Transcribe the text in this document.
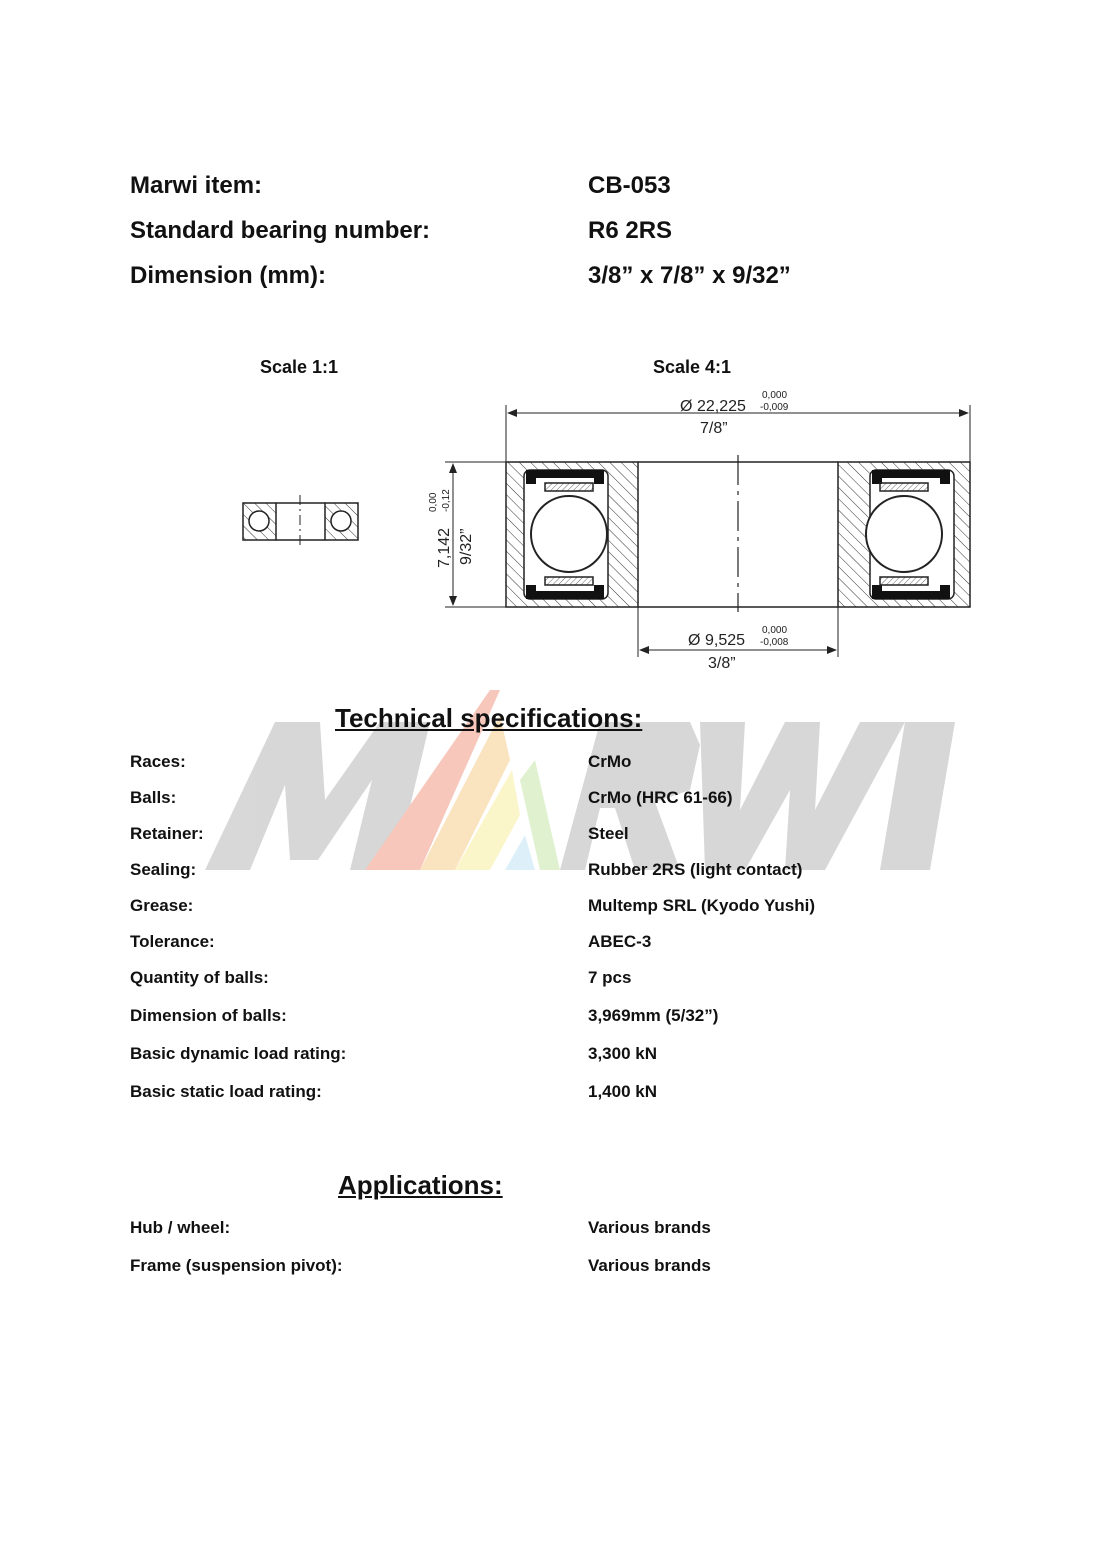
Marwi item:	CB-053
Standard bearing number:	R6 2RS
Dimension (mm):	3/8” x 7/8” x 9/32”
Scale 1:1	Scale 4:1
Ø 22,225
0,000
-0,009
7/8”
7,142
0,00 -0,12
9/32”
Ø 9,525
0,000
-0,008
3/8”
Technical specifications:
Races:	CrMo
Balls:	CrMo (HRC 61-66)
Retainer:	Steel
Sealing:	Rubber 2RS (light contact)
Grease:	Multemp SRL (Kyodo Yushi)
Tolerance:	ABEC-3
Quantity of balls:	7 pcs
Dimension of balls:	3,969mm (5/32”)
Basic dynamic load rating:	3,300 kN
Basic static load rating:	1,400 kN
Applications:
Hub / wheel:	Various brands
Frame (suspension pivot):	Various brands
